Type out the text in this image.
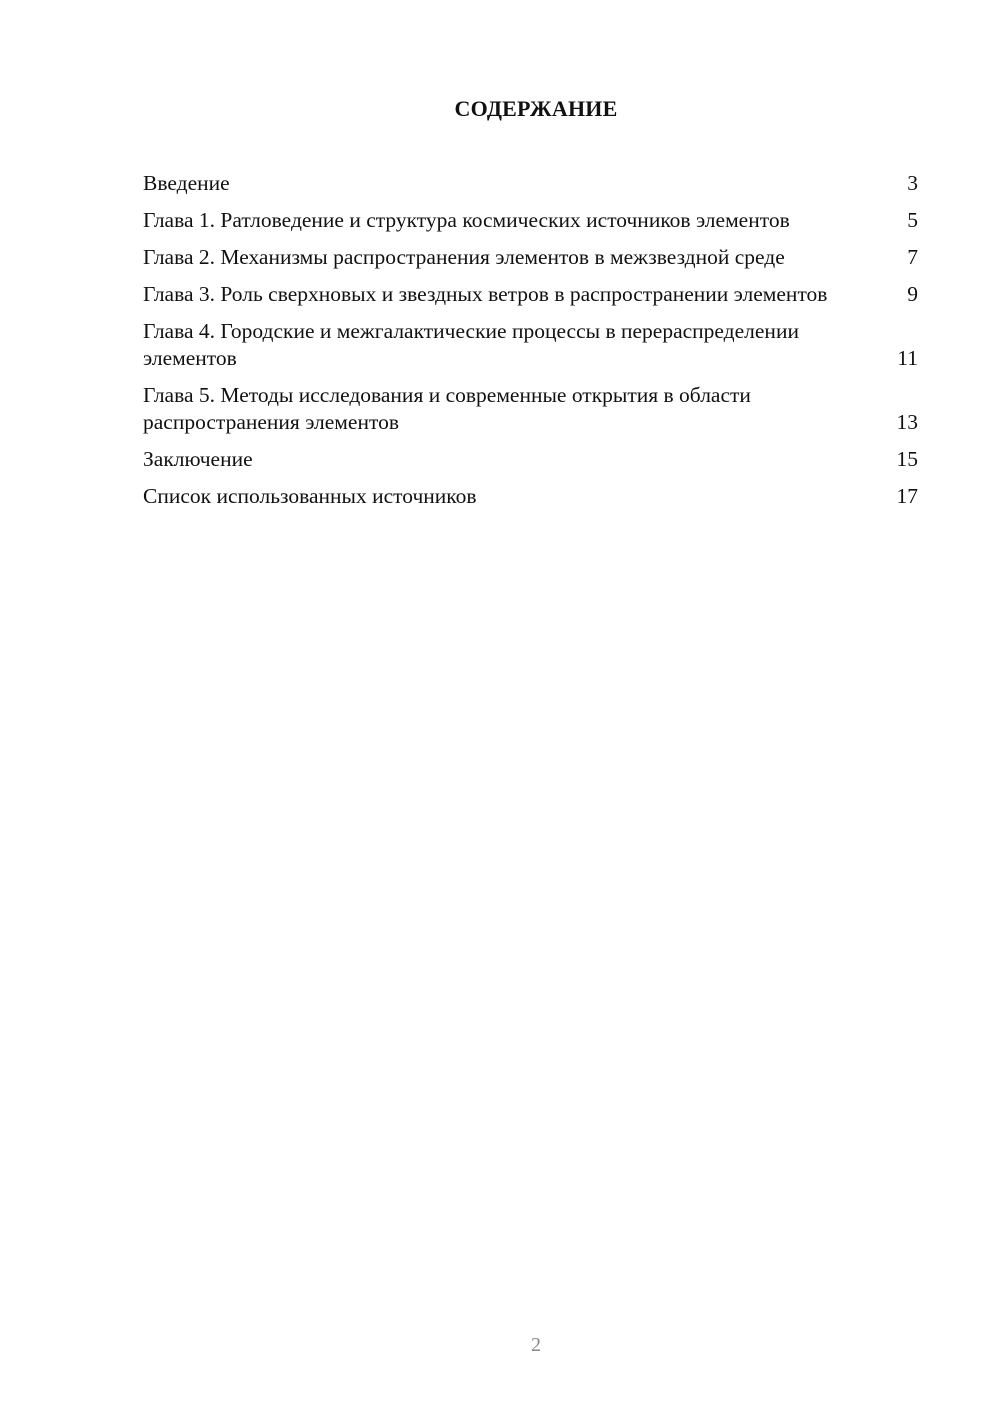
СОДЕРЖАНИЕ
Введение	3
Глава 1. Ратловедение и структура космических источников элементов	5
Глава 2. Механизмы распространения элементов в межзвездной среде	7
Глава 3. Роль сверхновых и звездных ветров в распространении элементов	9
Глава 4. Городские и межгалактические процессы в перераспределении элементов	11
Глава 5. Методы исследования и современные открытия в области распространения элементов	13
Заключение	15
Список использованных источников	17
2
